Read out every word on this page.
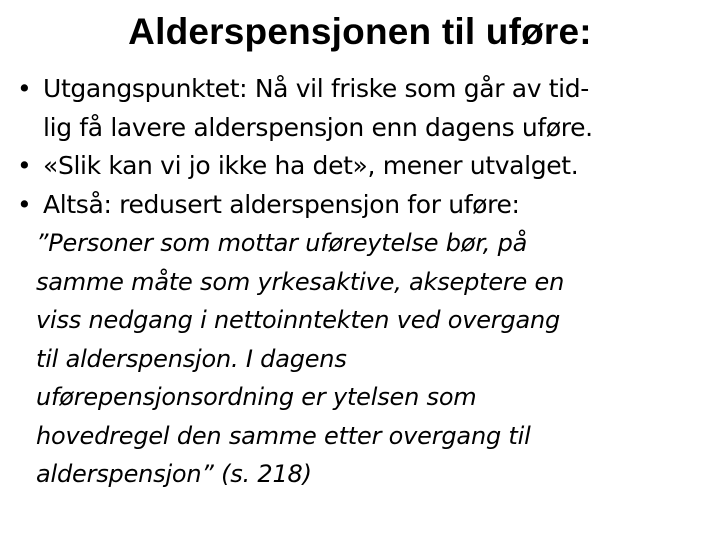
Alderspensjonen til uføre:
• Utgangspunktet: Nå vil friske som går av tid-
lig få lavere alderspensjon enn dagens uføre.
• «Slik kan vi jo ikke ha det», mener utvalget.
• Altså: redusert alderspensjon for uføre:
”Personer som mottar uføreytelse bør, på
samme måte som yrkesaktive, akseptere en
viss nedgang i nettoinntekten ved overgang
til alderspensjon. I dagens
uførepensjonsordning er ytelsen som
hovedregel den samme etter overgang til
alderspensjon” (s. 218)
